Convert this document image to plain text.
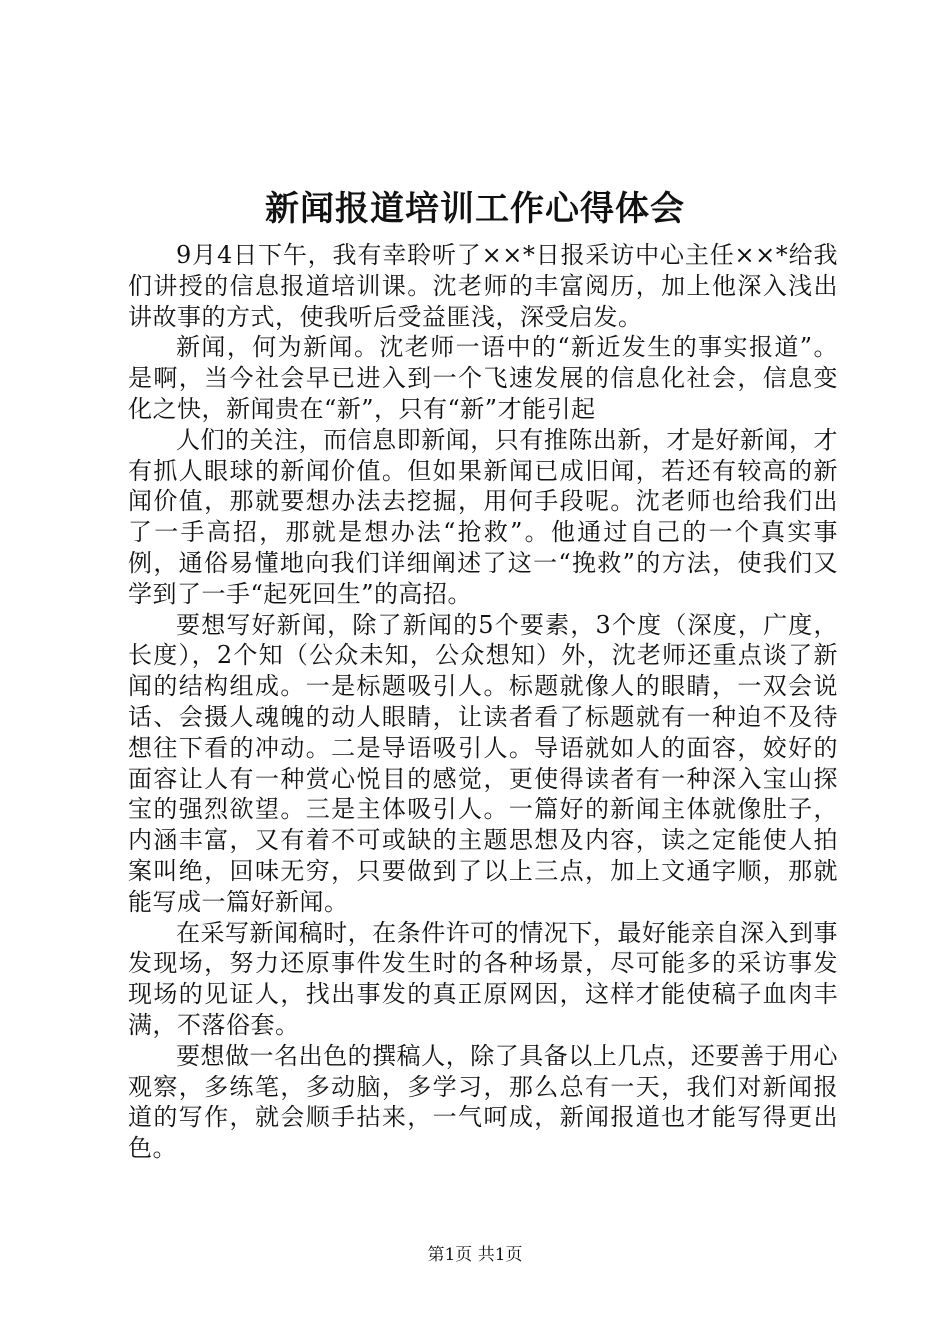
新闻报道培训工作心得体会

9月4日下午，我有幸聆听了××*日报采访中心主任××*给我们讲授的信息报道培训课。沈老师的丰富阅历，加上他深入浅出讲故事的方式，使我听后受益匪浅，深受启发。

新闻，何为新闻。沈老师一语中的“新近发生的事实报道”。是啊，当今社会早已进入到一个飞速发展的信息化社会，信息变化之快，新闻贵在“新”，只有“新”才能引起

人们的关注，而信息即新闻，只有推陈出新，才是好新闻，才有抓人眼球的新闻价值。但如果新闻已成旧闻，若还有较高的新闻价值，那就要想办法去挖掘，用何手段呢。沈老师也给我们出了一手高招，那就是想办法“抢救”。他通过自己的一个真实事例，通俗易懂地向我们详细阐述了这一“挽救”的方法，使我们又学到了一手“起死回生”的高招。

要想写好新闻，除了新闻的5个要素，3个度（深度，广度，长度），2个知（公众未知，公众想知）外，沈老师还重点谈了新闻的结构组成。一是标题吸引人。标题就像人的眼睛，一双会说话、会摄人魂魄的动人眼睛，让读者看了标题就有一种迫不及待想往下看的冲动。二是导语吸引人。导语就如人的面容，姣好的面容让人有一种赏心悦目的感觉，更使得读者有一种深入宝山探宝的强烈欲望。三是主体吸引人。一篇好的新闻主体就像肚子，内涵丰富，又有着不可或缺的主题思想及内容，读之定能使人拍案叫绝，回味无穷，只要做到了以上三点，加上文通字顺，那就能写成一篇好新闻。

在采写新闻稿时，在条件许可的情况下，最好能亲自深入到事发现场，努力还原事件发生时的各种场景，尽可能多的采访事发现场的见证人，找出事发的真正原网因，这样才能使稿子血肉丰满，不落俗套。

要想做一名出色的撰稿人，除了具备以上几点，还要善于用心观察，多练笔，多动脑，多学习，那么总有一天，我们对新闻报道的写作，就会顺手拈来，一气呵成，新闻报道也才能写得更出色。

第1页 共1页
